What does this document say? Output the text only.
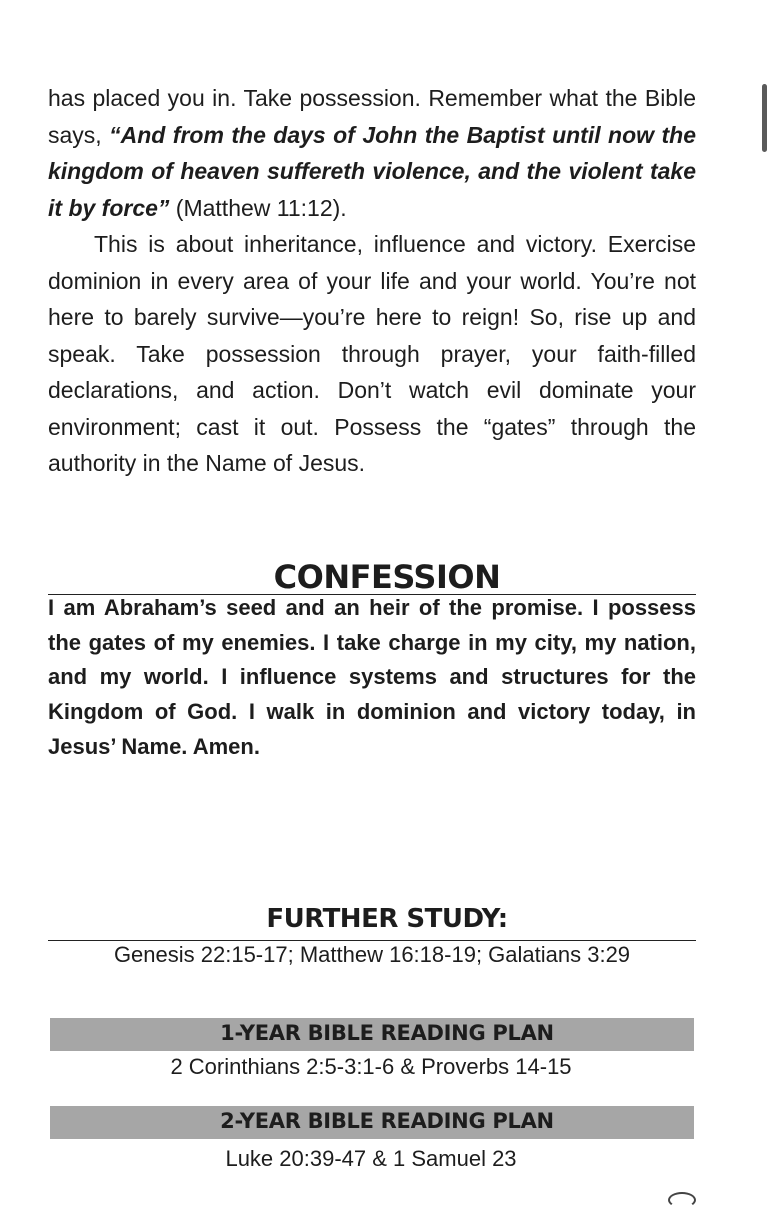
has placed you in. Take possession. Remember what the Bible says, “And from the days of John the Baptist until now the kingdom of heaven suffereth violence, and the violent take it by force” (Matthew 11:12).

This is about inheritance, influence and victory. Exercise dominion in every area of your life and your world. You’re not here to barely survive—you’re here to reign! So, rise up and speak. Take possession through prayer, your faith-filled declarations, and action. Don’t watch evil dominate your environment; cast it out. Possess the “gates” through the authority in the Name of Jesus.

CONFESSION

I am Abraham’s seed and an heir of the promise. I possess the gates of my enemies. I take charge in my city, my nation, and my world. I influence systems and structures for the Kingdom of God. I walk in dominion and victory today, in Jesus’ Name. Amen.

FURTHER STUDY:

Genesis 22:15-17; Matthew 16:18-19; Galatians 3:29

1-YEAR BIBLE READING PLAN

2 Corinthians 2:5-3:1-6 & Proverbs 14-15

2-YEAR BIBLE READING PLAN

Luke 20:39-47 & 1 Samuel 23
